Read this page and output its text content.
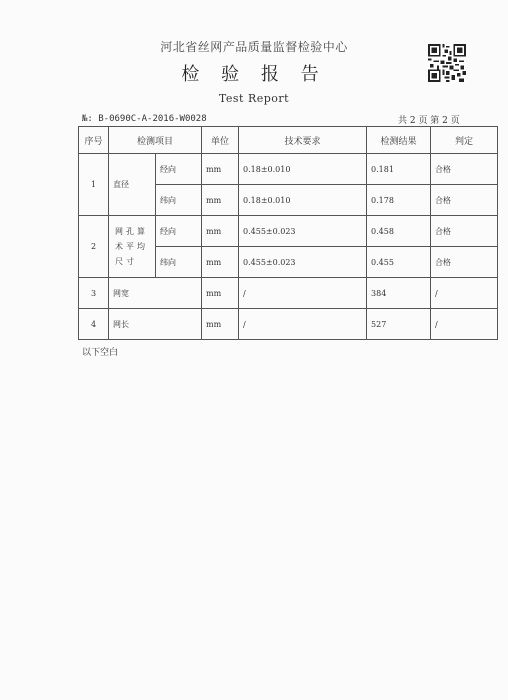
河北省丝网产品质量监督检验中心
检 验 报 告
Test Report
№: B-0690C-A-2016-W0028	共 2 页 第 2 页
序号	检测项目		单位	技术要求	检测结果	判定
1	直径	经向	mm	0.18±0.010	0.181	合格
		纬向	mm	0.18±0.010	0.178	合格
2	网孔算术平均尺寸	经向	mm	0.455±0.023	0.458	合格
		纬向	mm	0.455±0.023	0.455	合格
3	网宽		mm	/	384	/
4	网长		mm	/	527	/
以下空白
